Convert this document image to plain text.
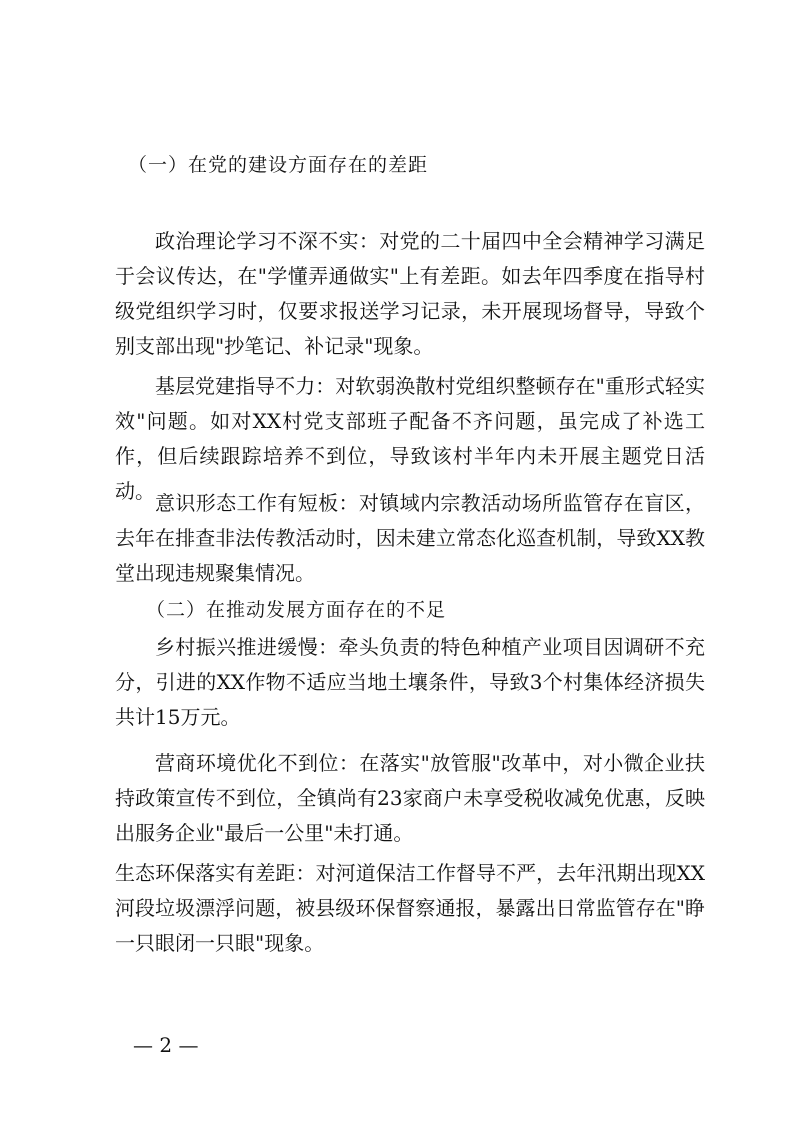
（一）在党的建设方面存在的差距
政治理论学习不深不实：对党的二十届四中全会精神学习满足于会议传达，在"学懂弄通做实"上有差距。如去年四季度在指导村级党组织学习时，仅要求报送学习记录，未开展现场督导，导致个别支部出现"抄笔记、补记录"现象。
基层党建指导不力：对软弱涣散村党组织整顿存在"重形式轻实效"问题。如对XX村党支部班子配备不齐问题，虽完成了补选工作，但后续跟踪培养不到位，导致该村半年内未开展主题党日活动。 意识形态工作有短板：对镇域内宗教活动场所监管存在盲区，去年在排查非法传教活动时，因未建立常态化巡查机制，导致XX教堂出现违规聚集情况。
（二）在推动发展方面存在的不足
乡村振兴推进缓慢：牵头负责的特色种植产业项目因调研不充分，引进的XX作物不适应当地土壤条件，导致3个村集体经济损失共计15万元。
营商环境优化不到位：在落实"放管服"改革中，对小微企业扶持政策宣传不到位，全镇尚有23家商户未享受税收减免优惠，反映出服务企业"最后一公里"未打通。
生态环保落实有差距：对河道保洁工作督导不严，去年汛期出现XX河段垃圾漂浮问题，被县级环保督察通报，暴露出日常监管存在"睁一只眼闭一只眼"现象。
— 2 —
